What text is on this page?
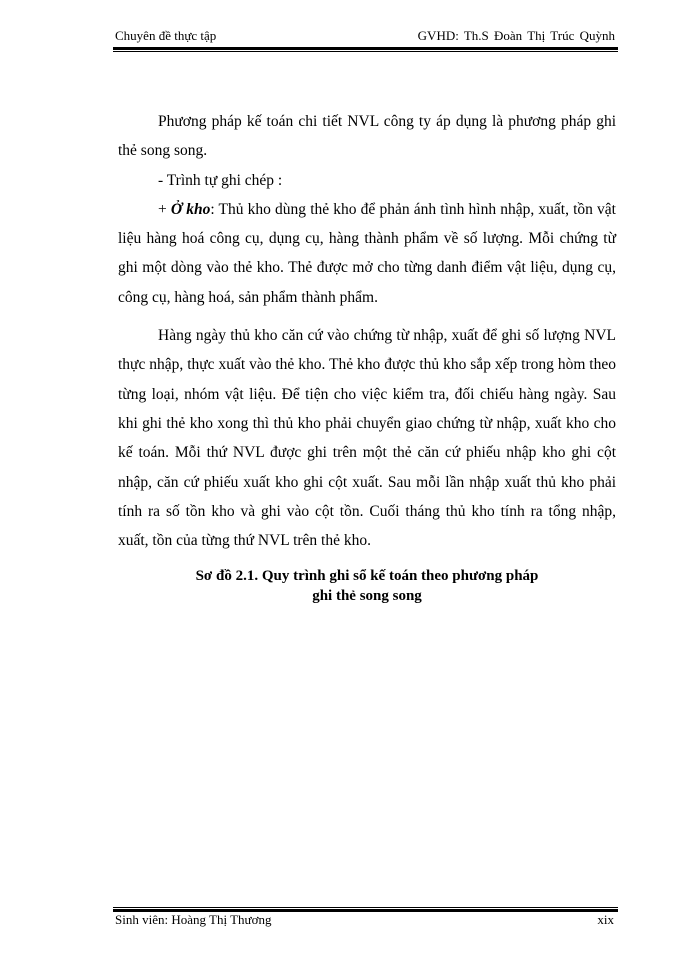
Chuyên đề thực tập	GVHD: Th.S Đoàn Thị Trúc Quỳnh

Phương pháp kế toán chi tiết NVL công ty áp dụng là phương pháp ghi thẻ song song.

- Trình tự ghi chép :

+ Ở kho: Thủ kho dùng thẻ kho để phản ánh tình hình nhập, xuất, tồn vật liệu hàng hoá công cụ, dụng cụ, hàng thành phẩm về số lượng. Mỗi chứng từ ghi một dòng vào thẻ kho. Thẻ được mở cho từng danh điểm vật liệu, dụng cụ, công cụ, hàng hoá, sản phẩm thành phẩm.

Hàng ngày thủ kho căn cứ vào chứng từ nhập, xuất để ghi số lượng NVL thực nhập, thực xuất vào thẻ kho. Thẻ kho được thủ kho sắp xếp trong hòm theo từng loại, nhóm vật liệu. Để tiện cho việc kiểm tra, đối chiếu hàng ngày. Sau khi ghi thẻ kho xong thì thủ kho phải chuyển giao chứng từ nhập, xuất kho cho kế toán. Mỗi thứ NVL được ghi trên một thẻ căn cứ phiếu nhập kho ghi cột nhập, căn cứ phiếu xuất kho ghi cột xuất. Sau mỗi lần nhập xuất thủ kho phải tính ra số tồn kho và ghi vào cột tồn. Cuối tháng thủ kho tính ra tổng nhập, xuất, tồn của từng thứ NVL trên thẻ kho.

Sơ đồ 2.1. Quy trình ghi sổ kế toán theo phương pháp
ghi thẻ song song
Sinh viên: Hoàng Thị Thương	xix
